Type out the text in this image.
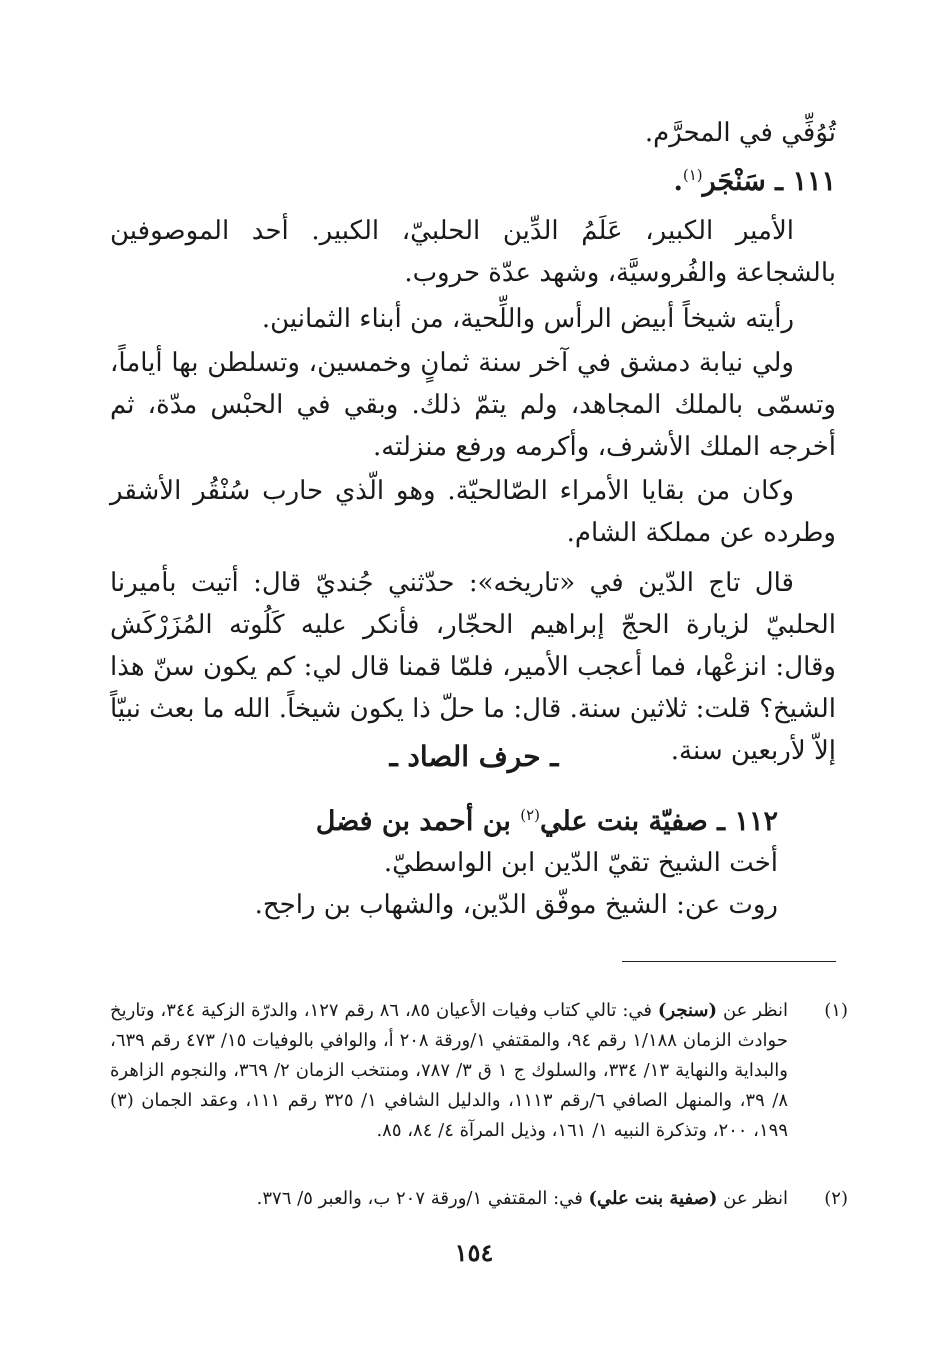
تُوُفِّي في المحرَّم.
١١١ ـ سَنْجَر$^{(١)}$.
الأمير الكبير، عَلَمُ الدِّين الحلبيّ، الكبير. أحد الموصوفين بالشجاعة والفُروسيَّة، وشهد عدّة حروب.
رأيته شيخاً أبيض الرأس واللِّحية، من أبناء الثمانين.
ولي نيابة دمشق في آخر سنة ثمانٍ وخمسين، وتسلطن بها أياماً، وتسمّى بالملك المجاهد، ولم يتمّ ذلك. وبقي في الحبْس مدّة، ثم أخرجه الملك الأشرف، وأكرمه ورفع منزلته.
وكان من بقايا الأمراء الصّالحيّة. وهو الّذي حارب سُنْقُر الأشقر وطرده عن مملكة الشام.
قال تاج الدّين في «تاريخه»: حدّثني جُنديّ قال: أتيت بأميرنا الحلبيّ لزيارة الحجّ إبراهيم الحجّار، فأنكر عليه كَلُوته المُزَرْكَش وقال: انزعْها، فما أعجب الأمير، فلمّا قمنا قال لي: كم يكون سنّ هذا الشيخ؟ قلت: ثلاثين سنة. قال: ما حلّ ذا يكون شيخاً. الله ما بعث نبيّاً إلاّ لأربعين سنة.
ـ حرف الصاد ـ
١١٢ ـ صفيّة بنت علي$^{(٢)}$ بن أحمد بن فضل
أخت الشيخ تقيّ الدّين ابن الواسطيّ.
روت عن: الشيخ موفّق الدّين، والشهاب بن راجح.
(١)
انظر عن (سنجر) في: تالي كتاب وفيات الأعيان ٨٥، ٨٦ رقم ١٢٧، والدرّة الزكية ٣٤٤، وتاريخ حوادث الزمان ١/١٨٨ رقم ٩٤، والمقتفي ١/ورقة ٢٠٨ أ، والوافي بالوفيات ١٥/ ٤٧٣ رقم ٦٣٩، والبداية والنهاية ١٣/ ٣٣٤، والسلوك ج ١ ق ٣/ ٧٨٧، ومنتخب الزمان ٢/ ٣٦٩، والنجوم الزاهرة ٨/ ٣٩، والمنهل الصافي ٦/رقم ١١١٣، والدليل الشافي ١/ ٣٢٥ رقم ١١١، وعقد الجمان (٣) ١٩٩، ٢٠٠، وتذكرة النبيه ١/ ١٦١، وذيل المرآة ٤/ ٨٤، ٨٥.
(٢)
انظر عن (صفية بنت علي) في: المقتفي ١/ورقة ٢٠٧ ب، والعبر ٥/ ٣٧٦.
١٥٤
